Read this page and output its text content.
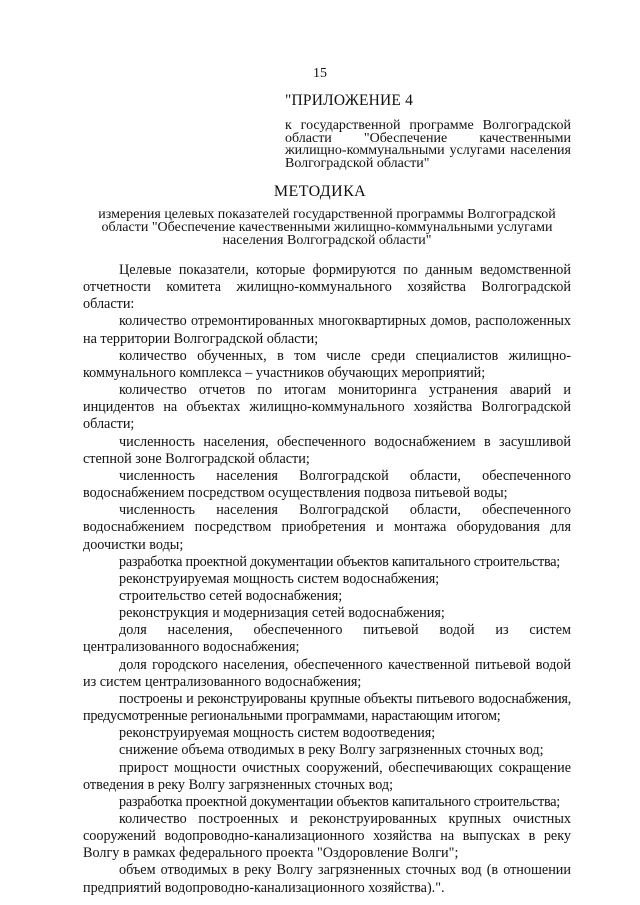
15
"ПРИЛОЖЕНИЕ 4
к государственной программе Волгоградской
области "Обеспечение качественными
жилищно-коммунальными услугами населения
Волгоградской области"
МЕТОДИКА
измерения целевых показателей государственной программы Волгоградской области "Обеспечение качественными жилищно-коммунальными услугами населения Волгоградской области"

Целевые показатели, которые формируются по данным ведомственной отчетности комитета жилищно-коммунального хозяйства Волгоградской области:

количество отремонтированных многоквартирных домов, расположенных на территории Волгоградской области;

количество обученных, в том числе среди специалистов жилищно-коммунального комплекса – участников обучающих мероприятий;

количество отчетов по итогам мониторинга устранения аварий и инцидентов на объектах жилищно-коммунального хозяйства Волгоградской области;

численность населения, обеспеченного водоснабжением в засушливой степной зоне Волгоградской области;

численность населения Волгоградской области, обеспеченного водоснабжением посредством осуществления подвоза питьевой воды;

численность населения Волгоградской области, обеспеченного водоснабжением посредством приобретения и монтажа оборудования для доочистки воды;

разработка проектной документации объектов капитального строительства;

реконструируемая мощность систем водоснабжения;

строительство сетей водоснабжения;

реконструкция и модернизация сетей водоснабжения;

доля населения, обеспеченного питьевой водой из систем централизованного водоснабжения;

доля городского населения, обеспеченного качественной питьевой водой из систем централизованного водоснабжения;

построены и реконструированы крупные объекты питьевого водоснабжения, предусмотренные региональными программами, нарастающим итогом;

реконструируемая мощность систем водоотведения;

снижение объема отводимых в реку Волгу загрязненных сточных вод;

прирост мощности очистных сооружений, обеспечивающих сокращение отведения в реку Волгу загрязненных сточных вод;

разработка проектной документации объектов капитального строительства;

количество построенных и реконструированных крупных очистных сооружений водопроводно-канализационного хозяйства на выпусках в реку Волгу в рамках федерального проекта "Оздоровление Волги";

объем отводимых в реку Волгу загрязненных сточных вод (в отношении предприятий водопроводно-канализационного хозяйства).".
